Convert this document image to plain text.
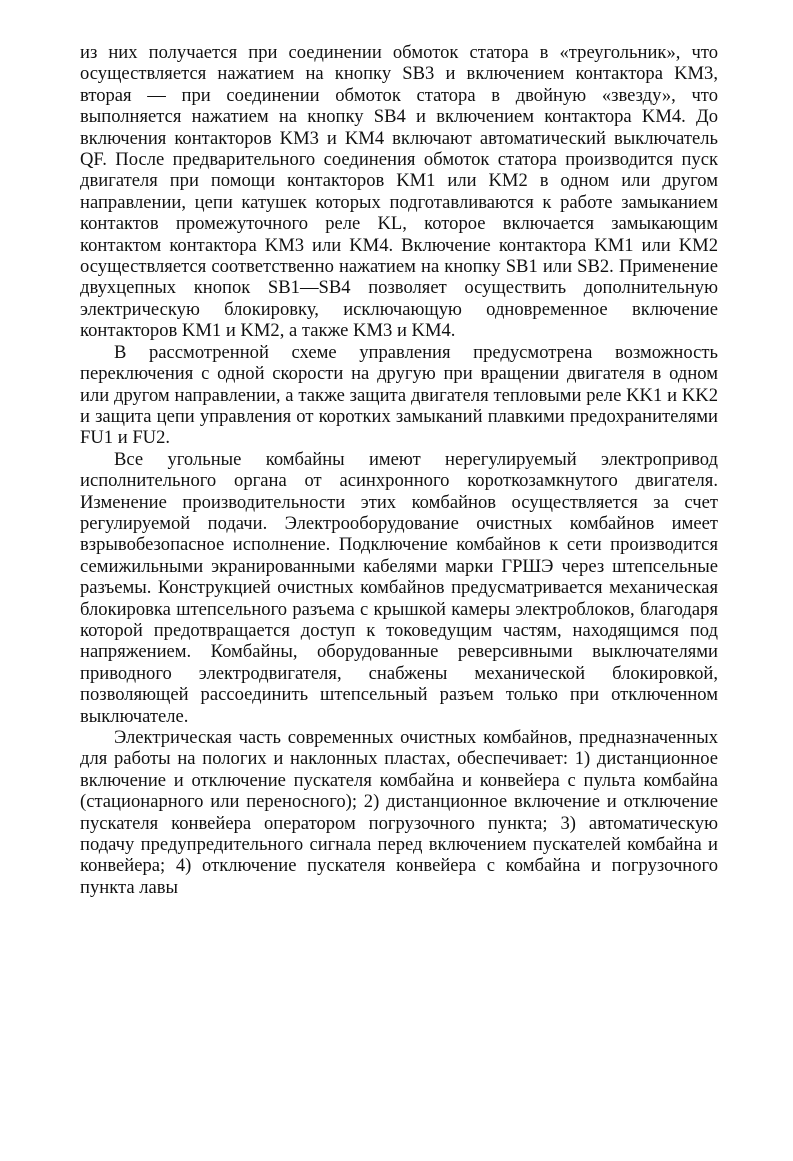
из них получается при соединении обмоток статора в «треугольник», что осуществляется нажатием на кнопку SB3 и включением контактора KM3, вторая — при соединении обмоток статора в двойную «звезду», что выполняется нажатием на кнопку SB4 и включением контактора KM4. До включения контакторов KM3 и KM4 включают автоматический выключатель QF. После предварительного соединения обмоток статора производится пуск двигателя при помощи контакторов KM1 или KM2 в одном или другом направлении, цепи катушек которых подготавливаются к работе замыканием контактов промежуточного реле KL, которое включается замыкающим контактом контактора KM3 или KM4. Включение контактора KM1 или KM2 осуществляется соответственно нажатием на кнопку SB1 или SB2. Применение двухцепных кнопок SB1—SB4 позволяет осуществить дополнительную электрическую блокировку, исключающую одновременное включение контакторов KM1 и KM2, а также KM3 и KM4.

В рассмотренной схеме управления предусмотрена возможность переключения с одной скорости на другую при вращении двигателя в одном или другом направлении, а также защита двигателя тепловыми реле KK1 и KK2 и защита цепи управления от коротких замыканий плавкими предохранителями FU1 и FU2.

Все угольные комбайны имеют нерегулируемый электропривод исполнительного органа от асинхронного короткозамкнутого двигателя. Изменение производительности этих комбайнов осуществляется за счет регулируемой подачи. Электрооборудование очистных комбайнов имеет взрывобезопасное исполнение. Подключение комбайнов к сети производится семижильными экранированными кабелями марки ГРШЭ через штепсельные разъемы. Конструкцией очистных комбайнов предусматривается механическая блокировка штепсельного разъема с крышкой камеры электроблоков, благодаря которой предотвращается доступ к токоведущим частям, находящимся под напряжением. Комбайны, оборудованные реверсивными выключателями приводного электродвигателя, снабжены механической блокировкой, позволяющей рассоединить штепсельный разъем только при отключенном выключателе.

Электрическая часть современных очистных комбайнов, предназначенных для работы на пологих и наклонных пластах, обеспечивает: 1) дистанционное включение и отключение пускателя комбайна и конвейера с пульта комбайна (стационарного или переносного); 2) дистанционное включение и отключение пускателя конвейера оператором погрузочного пункта; 3) автоматическую подачу предупредительного сигнала перед включением пускателей комбайна и конвейера; 4) отключение пускателя конвейера с комбайна и погрузочного пункта лавы
